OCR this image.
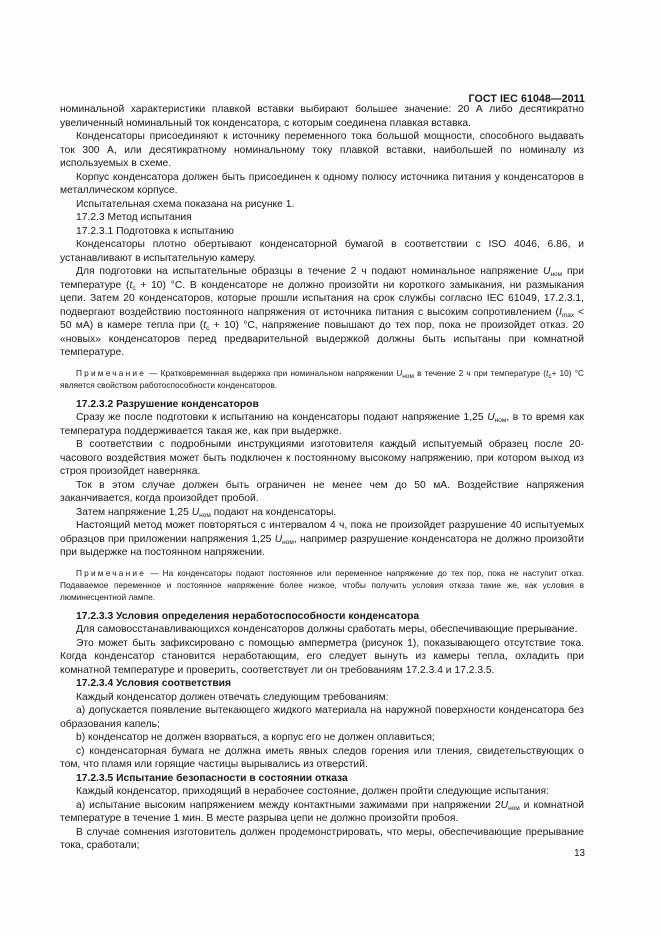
ГОСТ IEC 61048—2011

номинальной характеристики плавкой вставки выбирают большее значение: 20 А либо десятикратно увеличенный номинальный ток конденсатора, с которым соединена плавкая вставка.

Конденсаторы присоединяют к источнику переменного тока большой мощности, способного выдавать ток 300 А, или десятикратному номинальному току плавкой вставки, наибольшей по номиналу из используемых в схеме.

Корпус конденсатора должен быть присоединен к одному полюсу источника питания у конденсаторов в металлическом корпусе.

Испытательная схема показана на рисунке 1.

17.2.3 Метод испытания

17.2.3.1 Подготовка к испытанию

Конденсаторы плотно обертывают конденсаторной бумагой в соответствии с ISO 4046, 6.86, и устанавливают в испытательную камеру.

Для подготовки на испытательные образцы в течение 2 ч подают номинальное напряжение $U_{ном}$ при температуре $(t_c + 10)$ °С. В конденсаторе не должно произойти ни короткого замыкания, ни размыкания цепи. Затем 20 конденсаторов, которые прошли испытания на срок службы согласно IEC 61049, 17.2.3.1, подвергают воздействию постоянного напряжения от источника питания с высоким сопротивлением ($I_{max} < 50$ мА) в камере тепла при $(t_c + 10)$ °С, напряжение повышают до тех пор, пока не произойдет отказ. 20 «новых» конденсаторов перед предварительной выдержкой должны быть испытаны при комнатной температуре.

Примечание — Кратковременная выдержка при номинальном напряжении $U_{ном}$ в течение 2 ч при температуре $(t_c+ 10)$ °С является свойством работоспособности конденсаторов.

17.2.3.2 Разрушение конденсаторов

Сразу же после подготовки к испытанию на конденсаторы подают напряжение 1,25 $U_{ном}$, в то время как температура поддерживается такая же, как при выдержке.

В соответствии с подробными инструкциями изготовителя каждый испытуемый образец после 20-часового воздействия может быть подключен к постоянному высокому напряжению, при котором выход из строя произойдет наверняка.

Ток в этом случае должен быть ограничен не менее чем до 50 мА. Воздействие напряжения заканчивается, когда произойдет пробой.

Затем напряжение 1,25 $U_{ном}$ подают на конденсаторы.

Настоящий метод может повторяться с интервалом 4 ч, пока не произойдет разрушение 40 испытуемых образцов при приложении напряжения 1,25 $U_{ном}$, например разрушение конденсатора не должно произойти при выдержке на постоянном напряжении.

Примечание — На конденсаторы подают постоянное или переменное напряжение до тех пор, пока не наступит отказ. Подаваемое переменное и постоянное напряжение более низкое, чтобы получить условия отказа такие же, как условия в люминесцентной лампе.

17.2.3.3 Условия определения неработоспособности конденсатора

Для самовосстанавливающихся конденсаторов должны сработать меры, обеспечивающие прерывание.

Это может быть зафиксировано с помощью амперметра (рисунок 1), показывающего отсутствие тока. Когда конденсатор становится неработающим, его следует вынуть из камеры тепла, охладить при комнатной температуре и проверить, соответствует ли он требованиям 17.2.3.4 и 17.2.3.5.

17.2.3.4 Условия соответствия

Каждый конденсатор должен отвечать следующим требованиям:

a) допускается появление вытекающего жидкого материала на наружной поверхности конденсатора без образования капель;

b) конденсатор не должен взорваться, а корпус его не должен оплавиться;

c) конденсаторная бумага не должна иметь явных следов горения или тления, свидетельствующих о том, что пламя или горящие частицы вырывались из отверстий.

17.2.3.5 Испытание безопасности в состоянии отказа

Каждый конденсатор, приходящий в нерабочее состояние, должен пройти следующие испытания:

a) испытание высоким напряжением между контактными зажимами при напряжении $2U_{ном}$ и комнатной температуре в течение 1 мин. В месте разрыва цепи не должно произойти пробоя.

В случае сомнения изготовитель должен продемонстрировать, что меры, обеспечивающие прерывание тока, сработали;

13
